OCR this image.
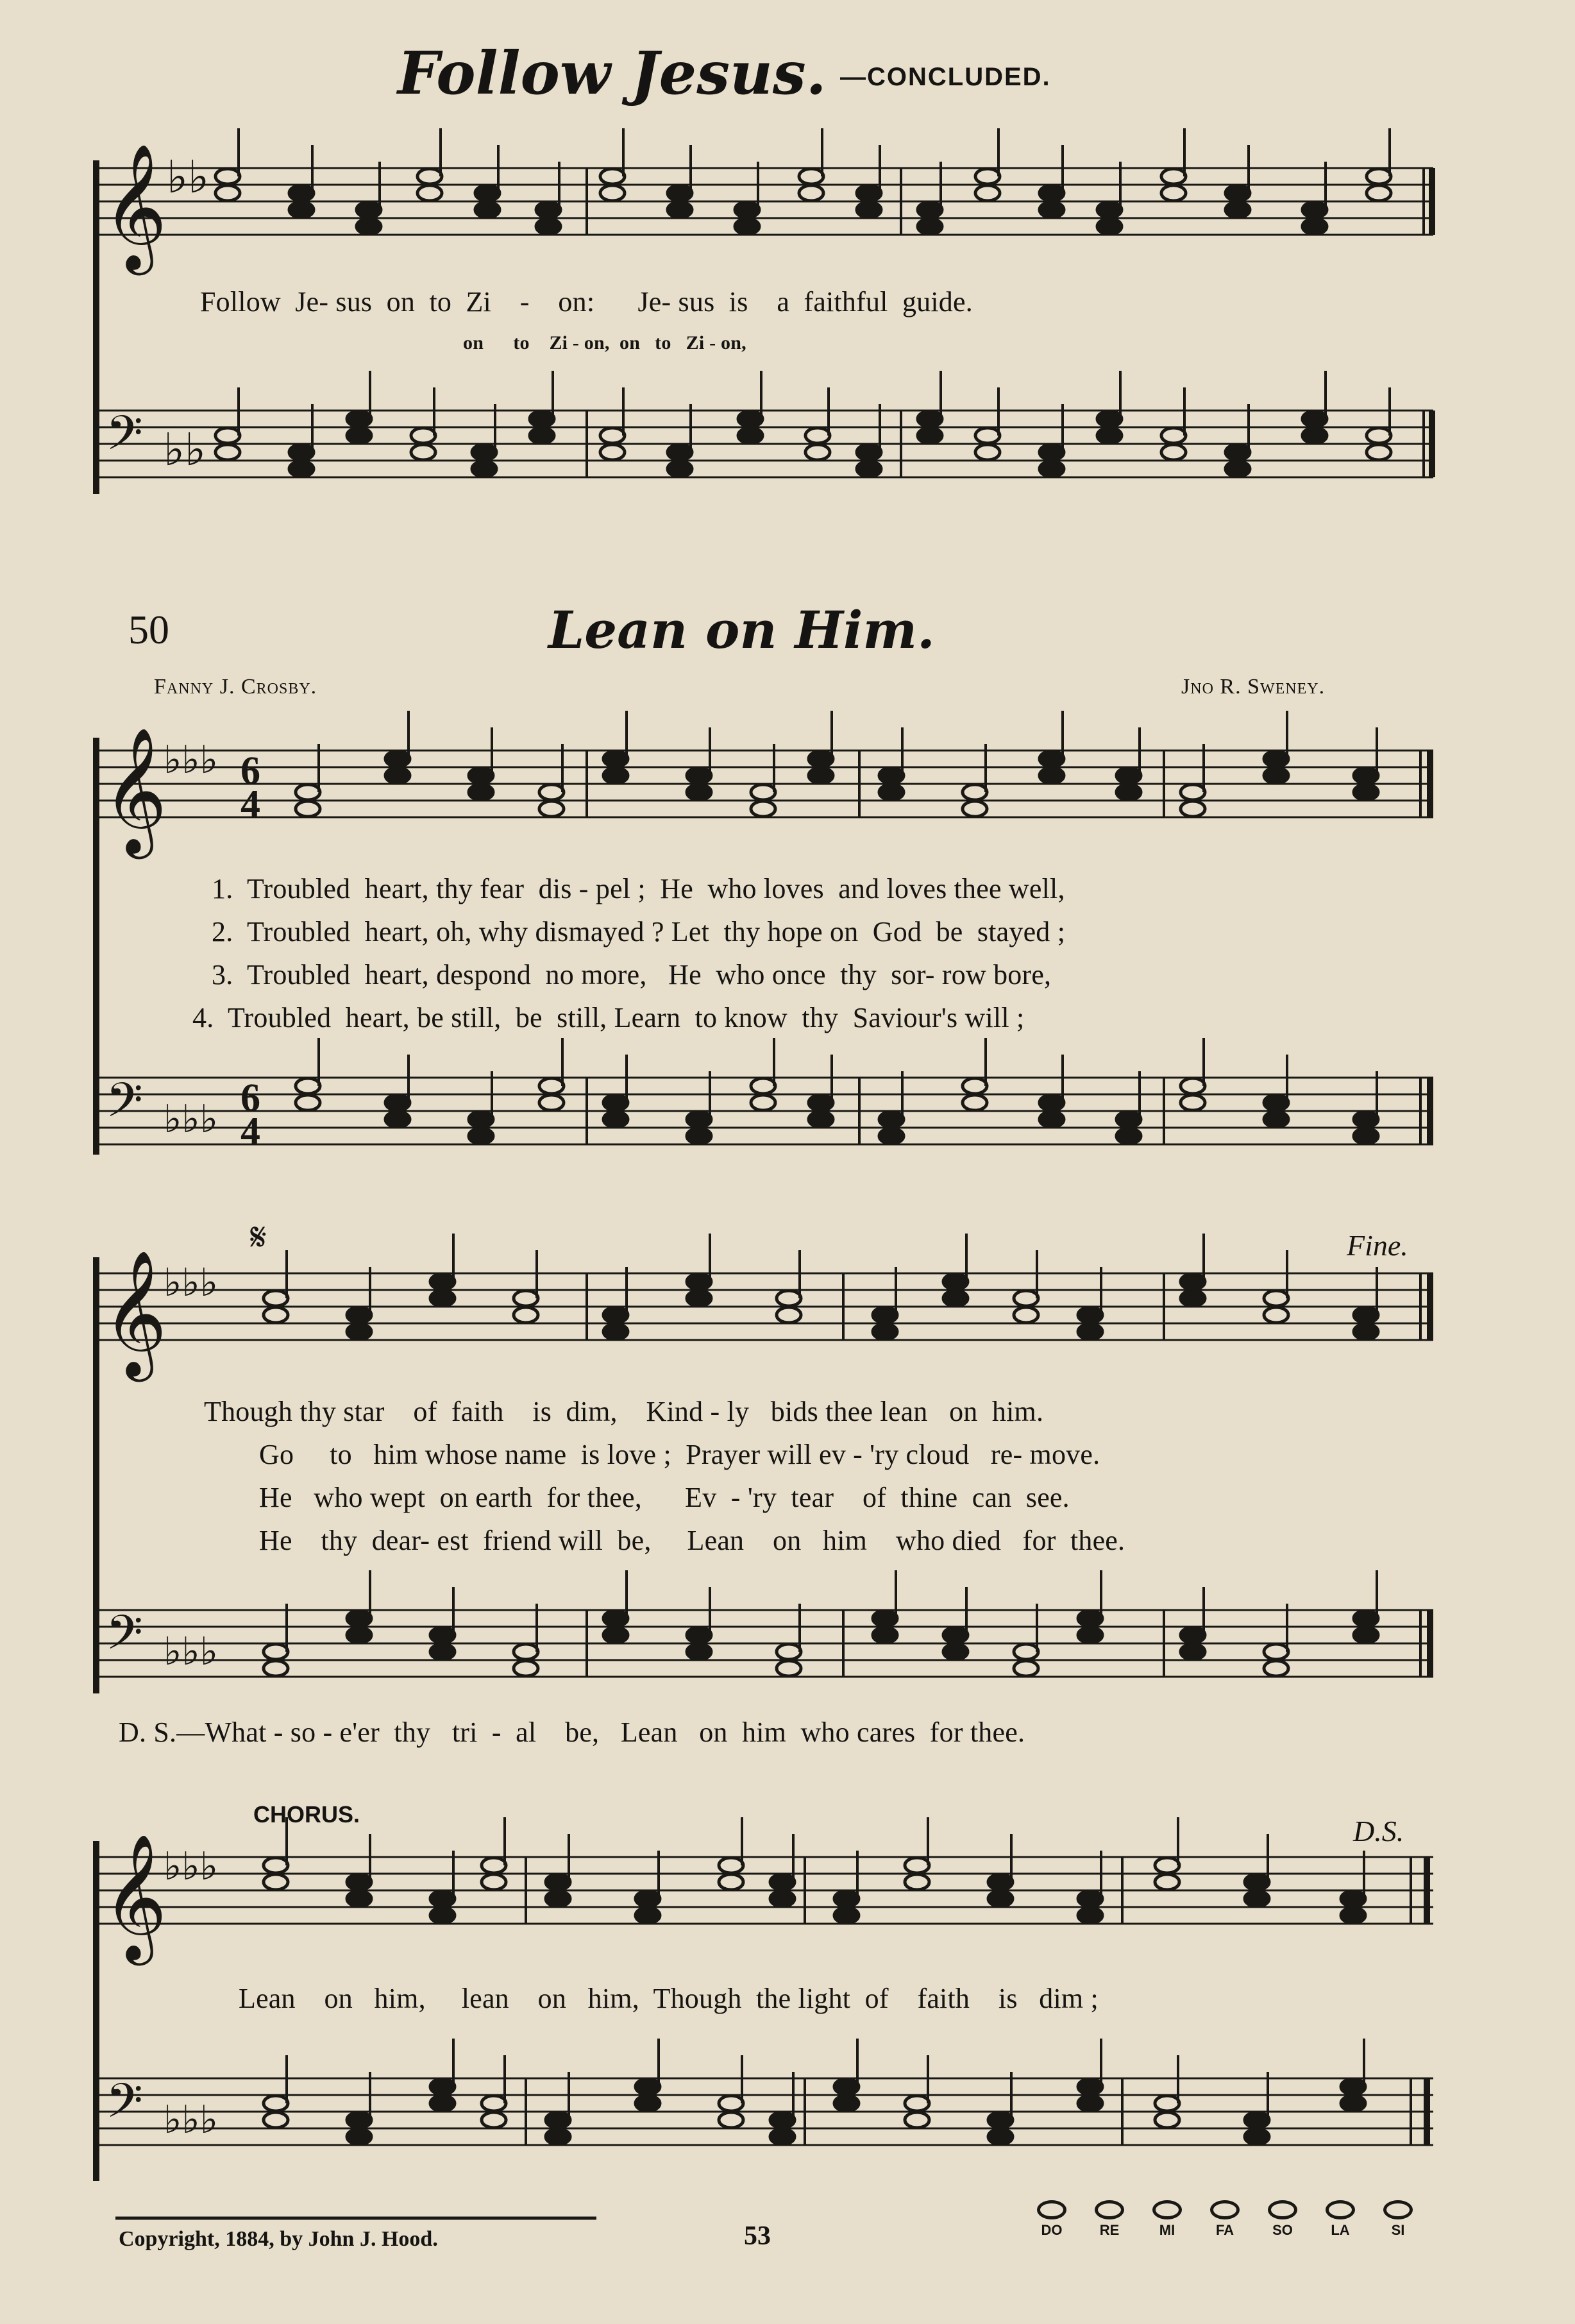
Follow Jesus. —CONCLUDED.
𝄞 ♭♭
𝄢 ♭♭
𝄞
♭♭♭ 6
4
𝄢 ♭♭♭ 6
4
𝄞
♭♭♭
𝄢 ♭♭♭
𝄞
♭♭♭
𝄢 ♭♭♭
Follow  Je- sus  on  to  Zi    -    on:      Je- sus  is    a  faithful  guide.
on      to    Zi - on,  on   to   Zi - on,
50	Lean on Him.
Fanny J. Crosby.	Jno R. Sweney.
1.  Troubled  heart, thy fear  dis - pel ;  He  who loves  and loves thee well,
2.  Troubled  heart, oh, why dismayed ? Let  thy hope on  God  be  stayed ;
3.  Troubled  heart, despond  no more,   He  who once  thy  sor- row bore,
4.  Troubled  heart, be still,  be  still, Learn  to know  thy  Saviour's will ;
𝄋	Fine.
Though thy star    of  faith    is  dim,    Kind - ly   bids thee lean   on  him.
Go     to   him whose name  is love ;  Prayer will ev - 'ry cloud   re- move.
He   who wept  on earth  for thee,      Ev  - 'ry  tear    of  thine  can  see.
He    thy  dear- est  friend will  be,     Lean    on   him    who died   for  thee.
D. S.—What - so - e'er  thy   tri  -  al    be,   Lean   on  him  who cares  for thee.
CHORUS.
D.S.
Lean    on   him,     lean    on   him,  Though  the light  of    faith    is   dim ;
Copyright, 1884, by John J. Hood.	53	DO	RE	MI	FA	SO	LA	SI
